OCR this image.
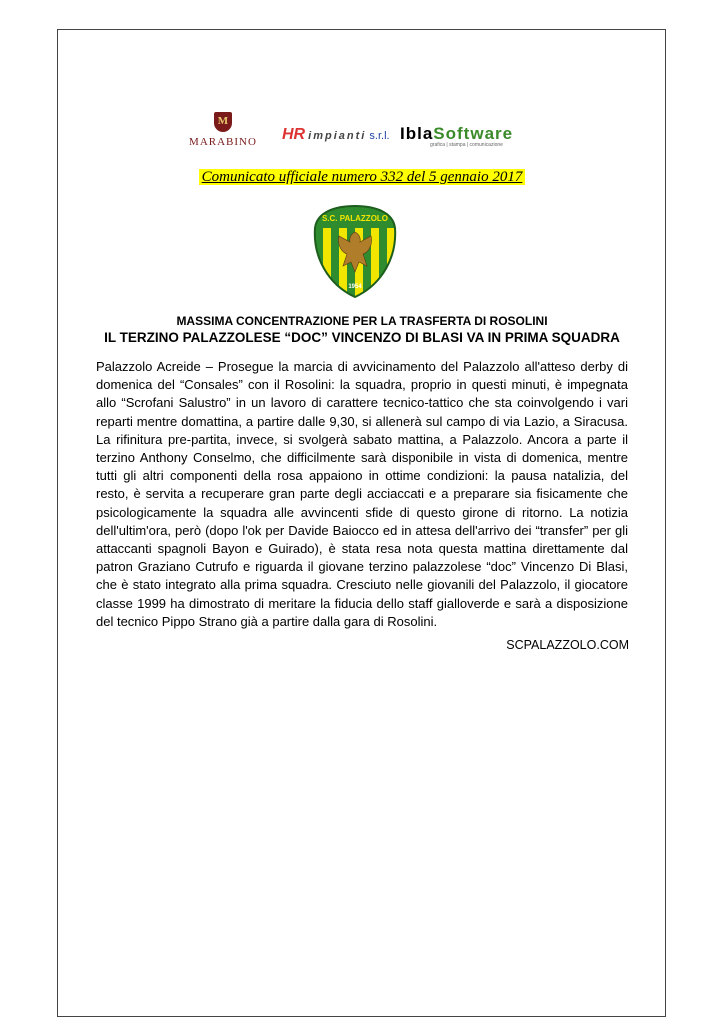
M
MARABINO HR impianti s.r.l. IblaSoftware
grafica | stampa | comunicazione
Comunicato ufficiale numero 332 del 5 gennaio 2017
S.C. PALAZZOLO
1954
MASSIMA CONCENTRAZIONE PER LA TRASFERTA DI ROSOLINI
IL TERZINO PALAZZOLESE “DOC” VINCENZO DI BLASI VA IN PRIMA SQUADRA
Palazzolo Acreide – Prosegue la marcia di avvicinamento del Palazzolo all'atteso derby di domenica del “Consales” con il Rosolini: la squadra, proprio in questi minuti, è impegnata allo “Scrofani Salustro” in un lavoro di carattere tecnico-tattico che sta coinvolgendo i vari reparti mentre domattina, a partire dalle 9,30, si allenerà sul campo di via Lazio, a Siracusa. La rifinitura pre-partita, invece, si svolgerà sabato mattina, a Palazzolo. Ancora a parte il terzino Anthony Conselmo, che difficilmente sarà disponibile in vista di domenica, mentre tutti gli altri componenti della rosa appaiono in ottime condizioni: la pausa natalizia, del resto, è servita a recuperare gran parte degli acciaccati e a preparare sia fisicamente che psicologicamente la squadra alle avvincenti sfide di questo girone di ritorno. La notizia dell'ultim'ora, però (dopo l'ok per Davide Baiocco ed in attesa dell'arrivo dei “transfer” per gli attaccanti spagnoli Bayon e Guirado), è stata resa nota questa mattina direttamente dal patron Graziano Cutrufo e riguarda il giovane terzino palazzolese “doc” Vincenzo Di Blasi, che è stato integrato alla prima squadra. Cresciuto nelle giovanili del Palazzolo, il giocatore classe 1999 ha dimostrato di meritare la fiducia dello staff gialloverde e sarà a disposizione del tecnico Pippo Strano già a partire dalla gara di Rosolini.
SCPALAZZOLO.COM
